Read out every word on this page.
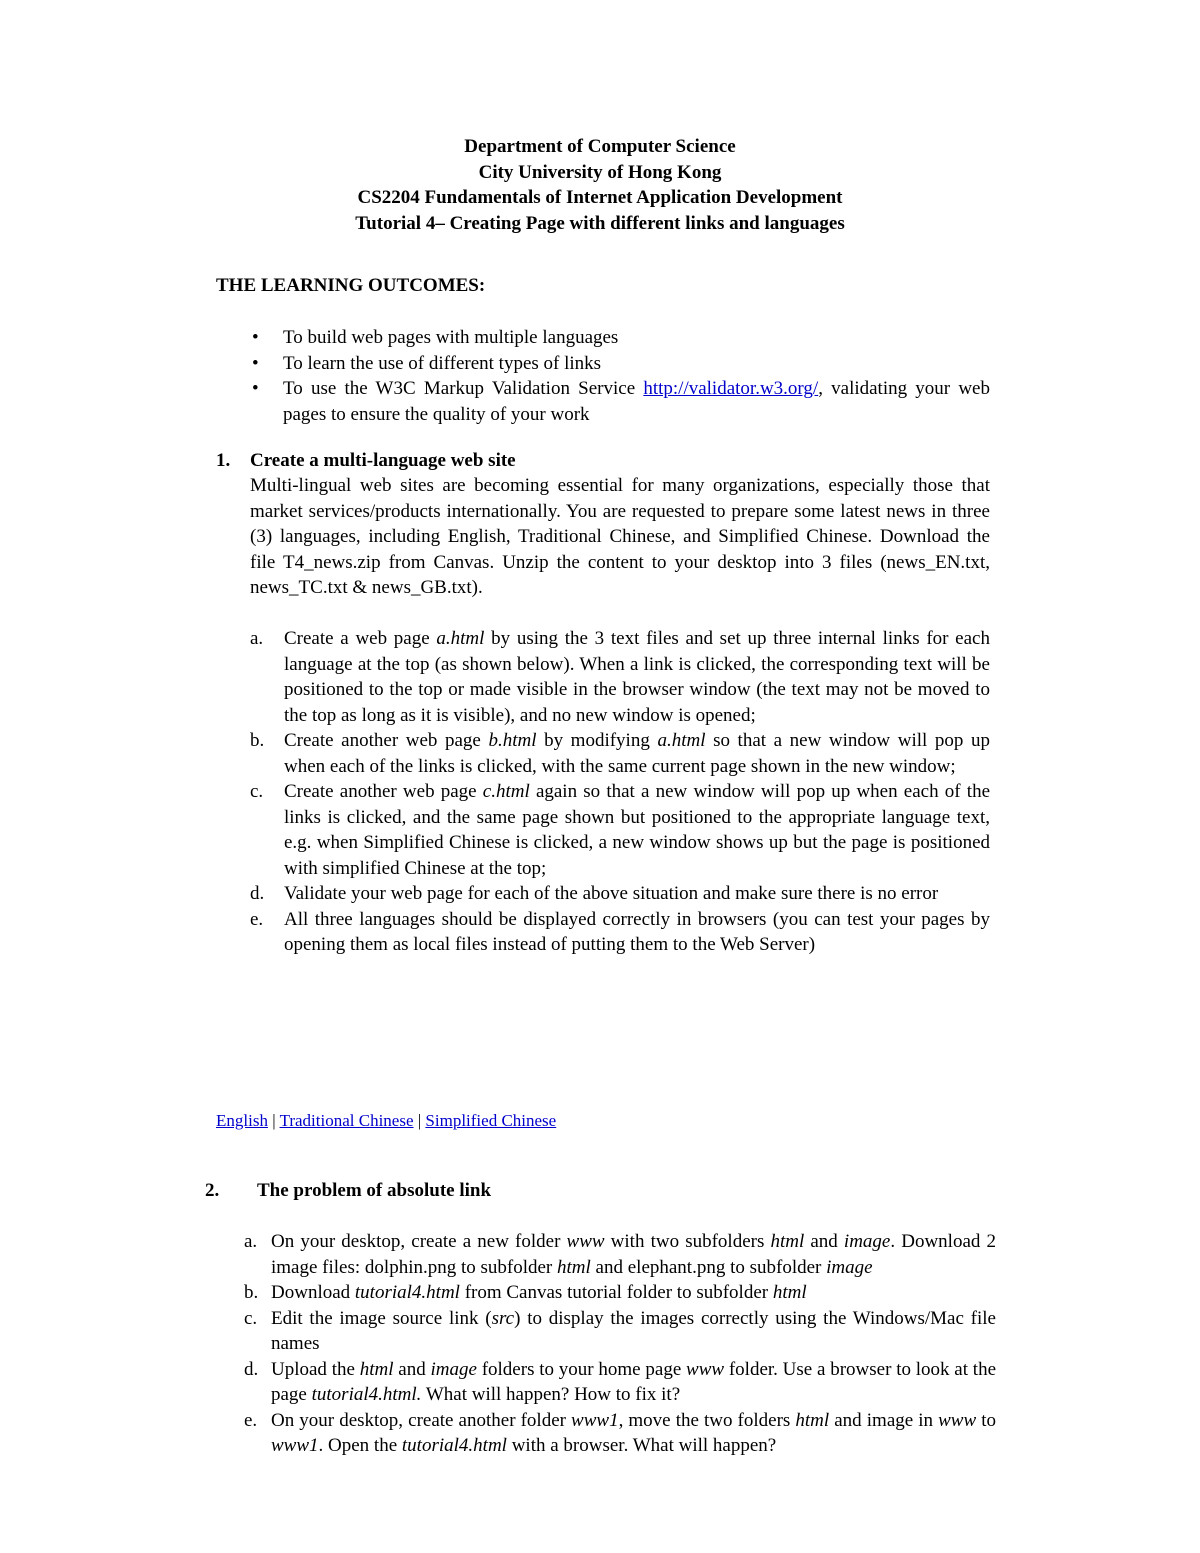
Department of Computer Science
City University of Hong Kong
CS2204 Fundamentals of Internet Application Development
Tutorial 4– Creating Page with different links and languages
THE LEARNING OUTCOMES:
• To build web pages with multiple languages
• To learn the use of different types of links
• To use the W3C Markup Validation Service http://validator.w3.org/, validating your web pages to ensure the quality of your work
1. Create a multi-language web site
Multi-lingual web sites are becoming essential for many organizations, especially those that market services/products internationally. You are requested to prepare some latest news in three (3) languages, including English, Traditional Chinese, and Simplified Chinese. Download the file T4_news.zip from Canvas. Unzip the content to your desktop into 3 files (news_EN.txt, news_TC.txt & news_GB.txt).
a. Create a web page a.html by using the 3 text files and set up three internal links for each language at the top (as shown below). When a link is clicked, the corresponding text will be positioned to the top or made visible in the browser window (the text may not be moved to the top as long as it is visible), and no new window is opened;
b. Create another web page b.html by modifying a.html so that a new window will pop up when each of the links is clicked, with the same current page shown in the new window;
c. Create another web page c.html again so that a new window will pop up when each of the links is clicked, and the same page shown but positioned to the appropriate language text, e.g. when Simplified Chinese is clicked, a new window shows up but the page is positioned with simplified Chinese at the top;
d. Validate your web page for each of the above situation and make sure there is no error
e. All three languages should be displayed correctly in browsers (you can test your pages by opening them as local files instead of putting them to the Web Server)
English | Traditional Chinese | Simplified Chinese
2. The problem of absolute link
a. On your desktop, create a new folder www with two subfolders html and image. Download 2 image files: dolphin.png to subfolder html and elephant.png to subfolder image
b. Download tutorial4.html from Canvas tutorial folder to subfolder html
c. Edit the image source link (src) to display the images correctly using the Windows/Mac file names
d. Upload the html and image folders to your home page www folder. Use a browser to look at the page tutorial4.html. What will happen? How to fix it?
e. On your desktop, create another folder www1, move the two folders html and image in www to www1. Open the tutorial4.html with a browser. What will happen?
